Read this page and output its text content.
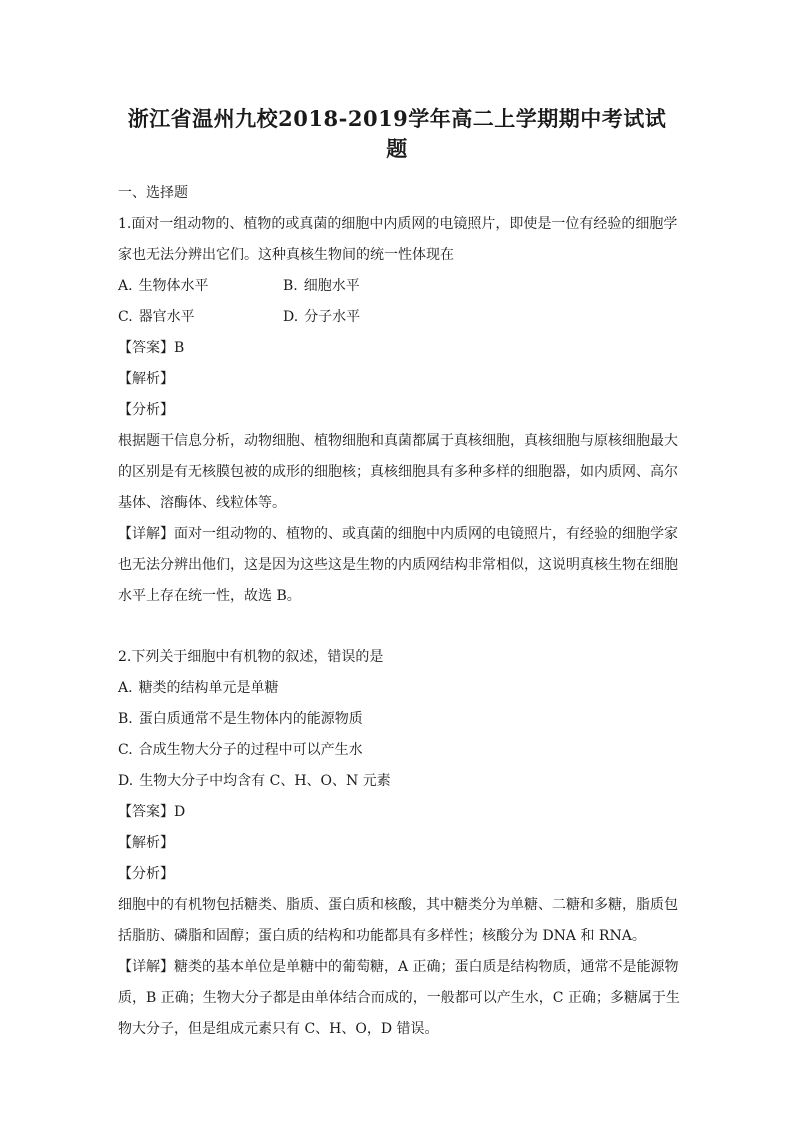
浙江省温州九校2018-2019学年高二上学期期中考试试题

一、选择题

1.面对一组动物的、植物的或真菌的细胞中内质网的电镜照片，即使是一位有经验的细胞学

家也无法分辨出它们。这种真核生物间的统一性体现在

A. 生物体水平	B. 细胞水平
C. 器官水平	D. 分子水平

【答案】B

【解析】

【分析】

根据题干信息分析，动物细胞、植物细胞和真菌都属于真核细胞，真核细胞与原核细胞最大

的区别是有无核膜包被的成形的细胞核；真核细胞具有多种多样的细胞器，如内质网、高尔

基体、溶酶体、线粒体等。

【详解】面对一组动物的、植物的、或真菌的细胞中内质网的电镜照片，有经验的细胞学家

也无法分辨出他们，这是因为这些这是生物的内质网结构非常相似，这说明真核生物在细胞

水平上存在统一性，故选 B。

2.下列关于细胞中有机物的叙述，错误的是

A. 糖类的结构单元是单糖

B. 蛋白质通常不是生物体内的能源物质

C. 合成生物大分子的过程中可以产生水

D. 生物大分子中均含有 C、H、O、N 元素

【答案】D

【解析】

【分析】

细胞中的有机物包括糖类、脂质、蛋白质和核酸，其中糖类分为单糖、二糖和多糖，脂质包

括脂肪、磷脂和固醇；蛋白质的结构和功能都具有多样性；核酸分为 DNA 和 RNA。

【详解】糖类的基本单位是单糖中的葡萄糖，A 正确；蛋白质是结构物质，通常不是能源物

质，B 正确；生物大分子都是由单体结合而成的，一般都可以产生水，C 正确；多糖属于生

物大分子，但是组成元素只有 C、H、O，D 错误。
